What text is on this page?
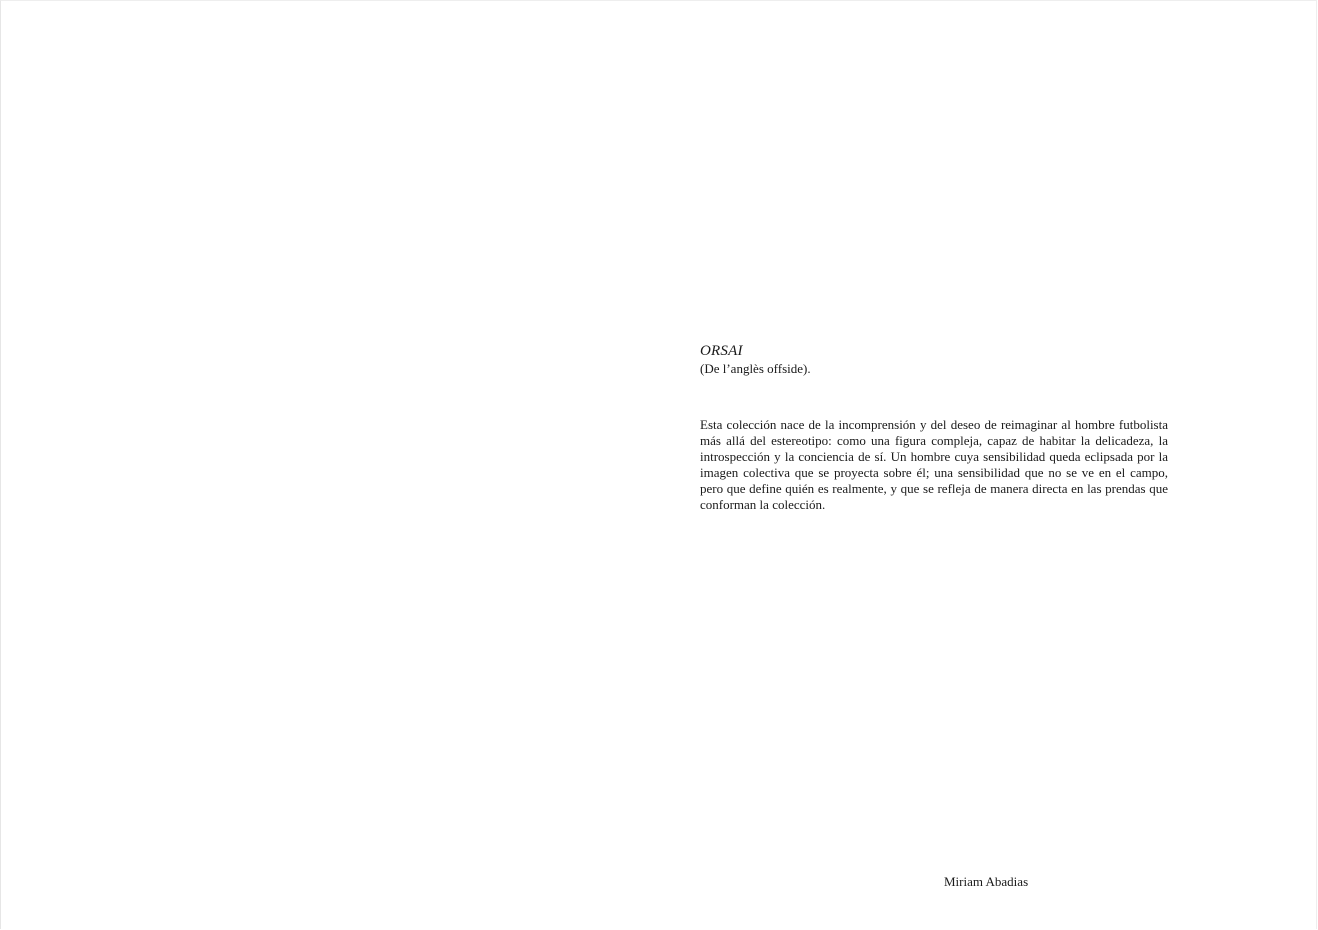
ORSAI

(De l’anglès offside).

Esta colección nace de la incomprensión y del deseo de reimaginar al hombre futbolista más allá del estereotipo: como una figura compleja, capaz de habitar la delicadeza, la introspección y la conciencia de sí. Un hombre cuya sensibilidad queda eclipsada por la imagen colectiva que se proyecta sobre él; una sensibilidad que no se ve en el campo, pero que define quién es realmente, y que se refleja de manera directa en las prendas que conforman la colección.

Miriam Abadias
